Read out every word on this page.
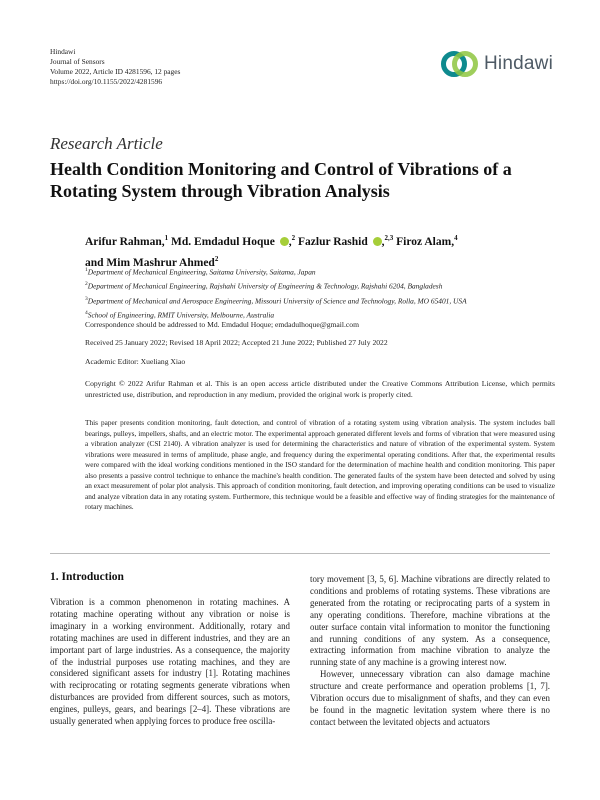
Hindawi
Journal of Sensors
Volume 2022, Article ID 4281596, 12 pages
https://doi.org/10.1155/2022/4281596
Hindawi
Research Article
Health Condition Monitoring and Control of Vibrations of a Rotating System through Vibration Analysis
Arifur Rahman,$^1$ Md. Emdadul Hoque ,$^2$ Fazlur Rashid ,$^{2,3}$ Firoz Alam,$^4$
and Mim Mashrur Ahmed$^2$
$^1$Department of Mechanical Engineering, Saitama University, Saitama, Japan
$^2$Department of Mechanical Engineering, Rajshahi University of Engineering & Technology, Rajshahi 6204, Bangladesh
$^3$Department of Mechanical and Aerospace Engineering, Missouri University of Science and Technology, Rolla, MO 65401, USA
$^4$School of Engineering, RMIT University, Melbourne, Australia
Correspondence should be addressed to Md. Emdadul Hoque; emdadulhoque@gmail.com
Received 25 January 2022; Revised 18 April 2022; Accepted 21 June 2022; Published 27 July 2022
Academic Editor: Xueliang Xiao
Copyright © 2022 Arifur Rahman et al. This is an open access article distributed under the Creative Commons Attribution License, which permits unrestricted use, distribution, and reproduction in any medium, provided the original work is properly cited.
This paper presents condition monitoring, fault detection, and control of vibration of a rotating system using vibration analysis. The system includes ball bearings, pulleys, impellers, shafts, and an electric motor. The experimental approach generated different levels and forms of vibration that were measured using a vibration analyzer (CSI 2140). A vibration analyzer is used for determining the characteristics and nature of vibration of the experimental system. System vibrations were measured in terms of amplitude, phase angle, and frequency during the experimental operating conditions. After that, the experimental results were compared with the ideal working conditions mentioned in the ISO standard for the determination of machine health and condition monitoring. This paper also presents a passive control technique to enhance the machine's health condition. The generated faults of the system have been detected and solved by using an exact measurement of polar plot analysis. This approach of condition monitoring, fault detection, and improving operating conditions can be used to visualize and analyze vibration data in any rotating system. Furthermore, this technique would be a feasible and effective way of finding strategies for the maintenance of rotary machines.
1. Introduction

Vibration is a common phenomenon in rotating machines. A rotating machine operating without any vibration or noise is imaginary in a working environment. Additionally, rotary and rotating machines are used in different industries, and they are an important part of large industries. As a consequence, the majority of the industrial purposes use rotating machines, and they are considered significant assets for industry [1]. Rotating machines with reciprocating or rotating segments generate vibrations when disturbances are provided from different sources, such as motors, engines, pulleys, gears, and bearings [2–4]. These vibrations are usually generated when applying forces to produce free oscilla-

tory movement [3, 5, 6]. Machine vibrations are directly related to conditions and problems of rotating systems. These vibrations are generated from the rotating or reciprocating parts of a system in any operating conditions. Therefore, machine vibrations at the outer surface contain vital information to monitor the functioning and running conditions of any system. As a consequence, extracting information from machine vibration to analyze the running state of any machine is a growing interest now.

However, unnecessary vibration can also damage machine structure and create performance and operation problems [1, 7]. Vibration occurs due to misalignment of shafts, and they can even be found in the magnetic levitation system where there is no contact between the levitated objects and actuators
